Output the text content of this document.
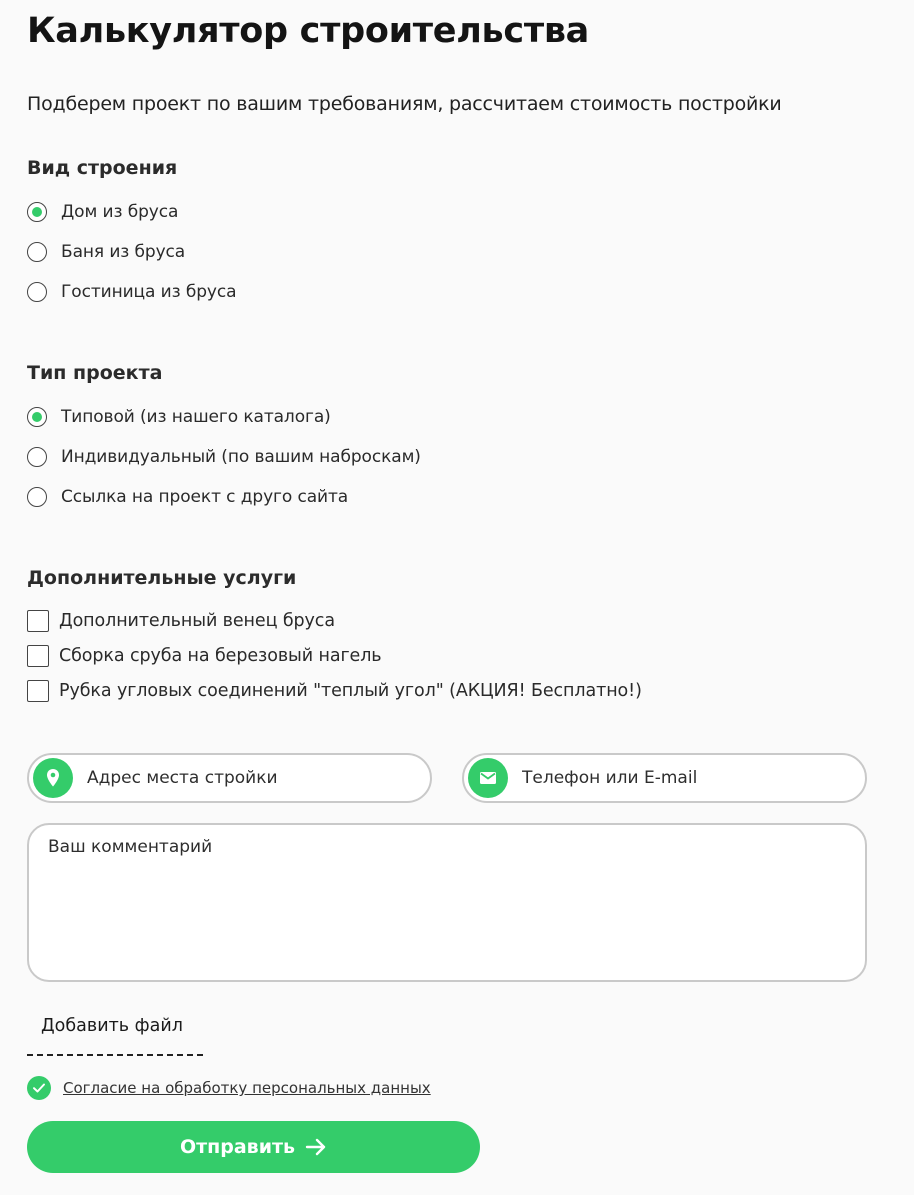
Калькулятор строительства

Подберем проект по вашим требованиям, рассчитаем стоимость постройки

Вид строения
Дом из бруса
Баня из бруса
Гостиница из бруса
Тип проекта
Типовой (из нашего каталога)
Индивидуальный (по вашим наброскам)
Ссылка на проект с друго сайта
Дополнительные услуги
Дополнительный венец бруса
Сборка сруба на березовый нагель
Рубка угловых соединений "теплый угол" (АКЦИЯ! Бесплатно!)
Адрес места стройки
Телефон или E-mail
Ваш комментарий
Добавить файл
Согласие на обработку персональных данных
Отправить
